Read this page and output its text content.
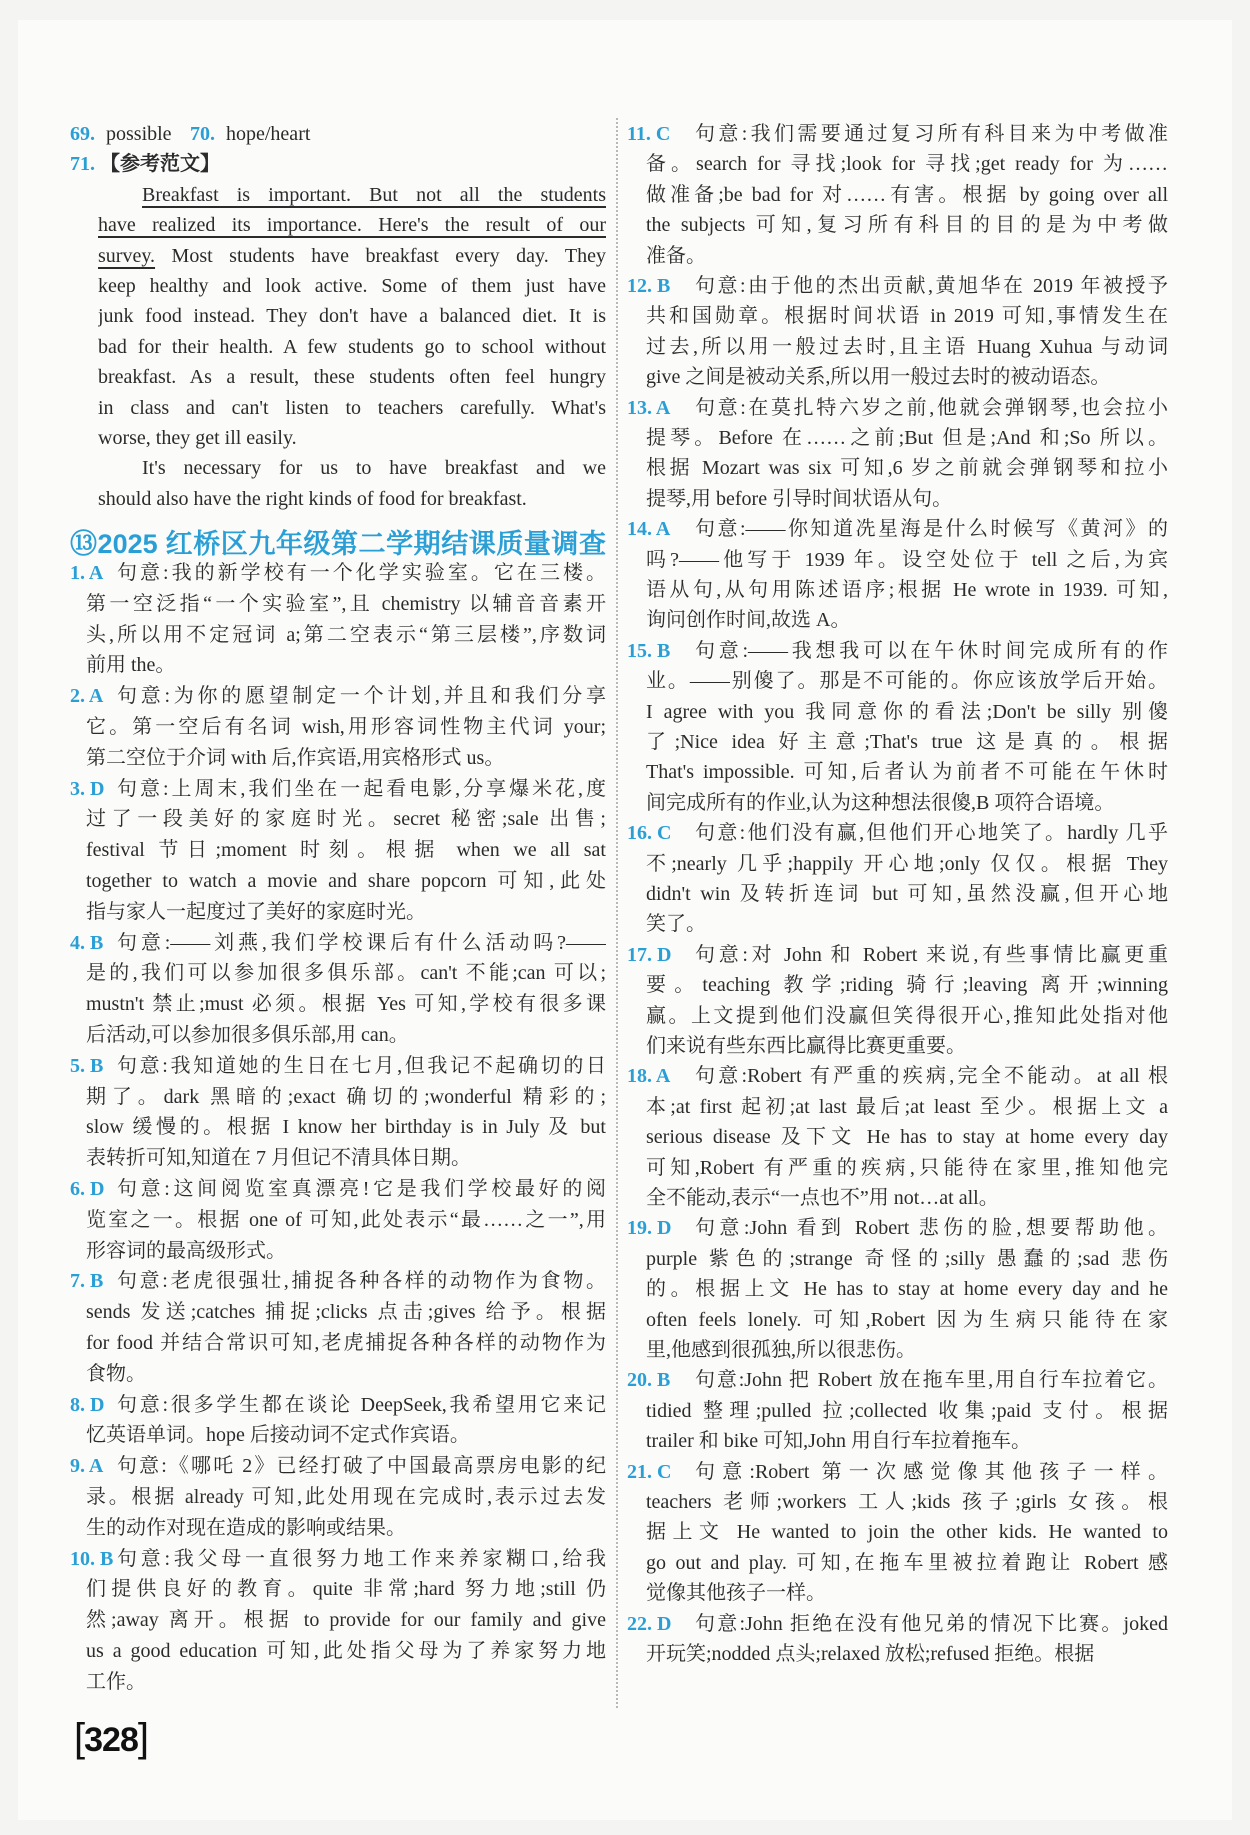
⑬2025 红桥区九年级第二学期结课质量调查
[328]
69. possible 70. hope/heart
71. 【参考范文】
Breakfast is important. But not all the students
have realized its importance. Here's the result of our
survey. Most students have breakfast every day. They
keep healthy and look active. Some of them just have
junk food instead. They don't have a balanced diet. It is
bad for their health. A few students go to school without
breakfast. As a result, these students often feel hungry
in class and can't listen to teachers carefully. What's
worse, they get ill easily.
It's necessary for us to have breakfast and we
should also have the right kinds of food for breakfast.
1. A 句意:我的新学校有一个化学实验室。它在三楼。
第一空泛指“一个实验室”,且 chemistry 以辅音音素开
头,所以用不定冠词 a;第二空表示“第三层楼”,序数词
前用 the。
2. A 句意:为你的愿望制定一个计划,并且和我们分享
它。第一空后有名词 wish,用形容词性物主代词 your;
第二空位于介词 with 后,作宾语,用宾格形式 us。
3. D 句意:上周末,我们坐在一起看电影,分享爆米花,度
过了一段美好的家庭时光。secret 秘密;sale 出售;
festival 节日;moment 时刻。根据 when we all sat
together to watch a movie and share popcorn 可知,此处
指与家人一起度过了美好的家庭时光。
4. B 句意:——刘燕,我们学校课后有什么活动吗?——
是的,我们可以参加很多俱乐部。can't 不能;can 可以;
mustn't 禁止;must 必须。根据 Yes 可知,学校有很多课
后活动,可以参加很多俱乐部,用 can。
5. B 句意:我知道她的生日在七月,但我记不起确切的日
期了。dark 黑暗的;exact 确切的;wonderful 精彩的;
slow 缓慢的。根据 I know her birthday is in July 及 but
表转折可知,知道在 7 月但记不清具体日期。
6. D 句意:这间阅览室真漂亮!它是我们学校最好的阅
览室之一。根据 one of 可知,此处表示“最……之一”,用
形容词的最高级形式。
7. B 句意:老虎很强壮,捕捉各种各样的动物作为食物。
sends 发送;catches 捕捉;clicks 点击;gives 给予。根据
for food 并结合常识可知,老虎捕捉各种各样的动物作为
食物。
8. D 句意:很多学生都在谈论 DeepSeek,我希望用它来记
忆英语单词。hope 后接动词不定式作宾语。
9. A 句意:《哪吒 2》已经打破了中国最高票房电影的纪
录。根据 already 可知,此处用现在完成时,表示过去发
生的动作对现在造成的影响或结果。
10. B 句意:我父母一直很努力地工作来养家糊口,给我
们提供良好的教育。quite 非常;hard 努力地;still 仍
然;away 离开。根据 to provide for our family and give
us a good education 可知,此处指父母为了养家努力地
工作。
11. C 句意:我们需要通过复习所有科目来为中考做准
备。search for 寻找;look for 寻找;get ready for 为……
做准备;be bad for 对……有害。根据 by going over all
the subjects 可知,复习所有科目的目的是为中考做
准备。
12. B 句意:由于他的杰出贡献,黄旭华在 2019 年被授予
共和国勋章。根据时间状语 in 2019 可知,事情发生在
过去,所以用一般过去时,且主语 Huang Xuhua 与动词
give 之间是被动关系,所以用一般过去时的被动语态。
13. A 句意:在莫扎特六岁之前,他就会弹钢琴,也会拉小
提琴。Before 在……之前;But 但是;And 和;So 所以。
根据 Mozart was six 可知,6 岁之前就会弹钢琴和拉小
提琴,用 before 引导时间状语从句。
14. A 句意:——你知道冼星海是什么时候写《黄河》的
吗?——他写于 1939 年。设空处位于 tell 之后,为宾
语从句,从句用陈述语序;根据 He wrote in 1939. 可知,
询问创作时间,故选 A。
15. B 句意:——我想我可以在午休时间完成所有的作
业。——别傻了。那是不可能的。你应该放学后开始。
I agree with you 我同意你的看法;Don't be silly 别傻
了;Nice idea 好主意;That's true 这是真的。根据
That's impossible. 可知,后者认为前者不可能在午休时
间完成所有的作业,认为这种想法很傻,B 项符合语境。
16. C 句意:他们没有赢,但他们开心地笑了。hardly 几乎
不;nearly 几乎;happily 开心地;only 仅仅。根据 They
didn't win 及转折连词 but 可知,虽然没赢,但开心地
笑了。
17. D 句意:对 John 和 Robert 来说,有些事情比赢更重
要。teaching 教学;riding 骑行;leaving 离开;winning
赢。上文提到他们没赢但笑得很开心,推知此处指对他
们来说有些东西比赢得比赛更重要。
18. A 句意:Robert 有严重的疾病,完全不能动。at all 根
本;at first 起初;at last 最后;at least 至少。根据上文 a
serious disease 及下文 He has to stay at home every day
可知,Robert 有严重的疾病,只能待在家里,推知他完
全不能动,表示“一点也不”用 not…at all。
19. D 句意:John 看到 Robert 悲伤的脸,想要帮助他。
purple 紫色的;strange 奇怪的;silly 愚蠢的;sad 悲伤
的。根据上文 He has to stay at home every day and he
often feels lonely. 可知,Robert 因为生病只能待在家
里,他感到很孤独,所以很悲伤。
20. B 句意:John 把 Robert 放在拖车里,用自行车拉着它。
tidied 整理;pulled 拉;collected 收集;paid 支付。根据
trailer 和 bike 可知,John 用自行车拉着拖车。
21. C 句意:Robert 第一次感觉像其他孩子一样。
teachers 老师;workers 工人;kids 孩子;girls 女孩。根
据上文 He wanted to join the other kids. He wanted to
go out and play. 可知,在拖车里被拉着跑让 Robert 感
觉像其他孩子一样。
22. D 句意:John 拒绝在没有他兄弟的情况下比赛。joked
开玩笑;nodded 点头;relaxed 放松;refused 拒绝。根据
